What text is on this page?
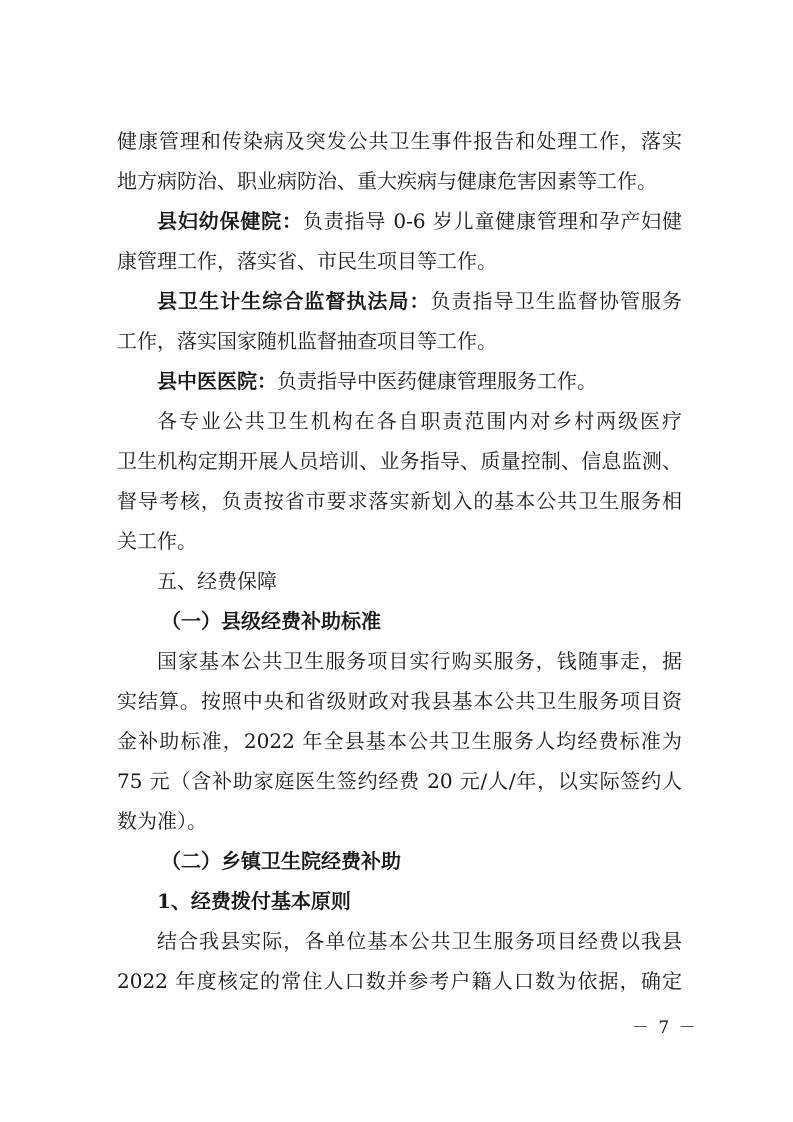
健康管理和传染病及突发公共卫生事件报告和处理工作，落实
地方病防治、职业病防治、重大疾病与健康危害因素等工作。
县妇幼保健院：负责指导 0-6 岁儿童健康管理和孕产妇健
康管理工作，落实省、市民生项目等工作。
县卫生计生综合监督执法局：负责指导卫生监督协管服务
工作，落实国家随机监督抽查项目等工作。
县中医医院：负责指导中医药健康管理服务工作。
各专业公共卫生机构在各自职责范围内对乡村两级医疗
卫生机构定期开展人员培训、业务指导、质量控制、信息监测、
督导考核，负责按省市要求落实新划入的基本公共卫生服务相
关工作。
五、经费保障
（一）县级经费补助标准
国家基本公共卫生服务项目实行购买服务，钱随事走，据
实结算。按照中央和省级财政对我县基本公共卫生服务项目资
金补助标准，2022 年全县基本公共卫生服务人均经费标准为
75 元（含补助家庭医生签约经费 20 元/人/年，以实际签约人
数为准）。
（二）乡镇卫生院经费补助
1、经费拨付基本原则
结合我县实际，各单位基本公共卫生服务项目经费以我县
2022 年度核定的常住人口数并参考户籍人口数为依据，确定
－ 7 －
